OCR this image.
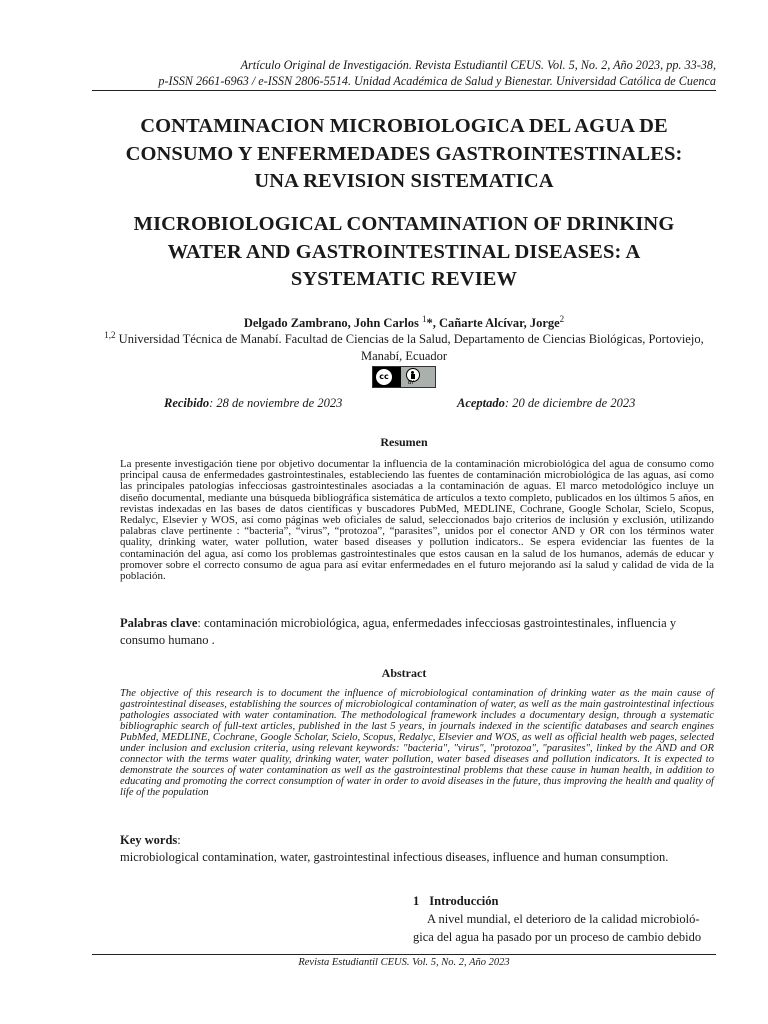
Artículo Original de Investigación. Revista Estudiantil CEUS. Vol. 5, No. 2, Año 2023, pp. 33-38,
p-ISSN 2661-6963 / e-ISSN 2806-5514. Unidad Académica de Salud y Bienestar. Universidad Católica de Cuenca
CONTAMINACION MICROBIOLOGICA DEL AGUA DE
CONSUMO Y ENFERMEDADES GASTROINTESTINALES:
UNA REVISION SISTEMATICA
MICROBIOLOGICAL CONTAMINATION OF DRINKING
WATER AND GASTROINTESTINAL DISEASES: A
SYSTEMATIC REVIEW
Delgado Zambrano, John Carlos $^1$*, Cañarte Alcívar, Jorge$^2$
$^{1,2}$ Universidad Técnica de Manabí. Facultad de Ciencias de la Salud, Departamento de Ciencias Biológicas, Portoviejo,
Manabí, Ecuador
cc
BY
Recibido: 28 de noviembre de 2023	Aceptado: 20 de diciembre de 2023
Resumen
La presente investigación tiene por objetivo documentar la influencia de la contaminación microbiológica del agua de consumo como principal causa de enfermedades gastrointestinales, estableciendo las fuentes de contaminación microbiológica de las aguas, así como las principales patologías infecciosas gastrointestinales asociadas a la contaminación de aguas. El marco metodológico incluye un diseño documental, mediante una búsqueda bibliográfica sistemática de artículos a texto completo, publicados en los últimos 5 años, en revistas indexadas en las bases de datos científicas y buscadores PubMed, MEDLINE, Cochrane, Google Scholar, Scielo, Scopus, Redalyc, Elsevier y WOS, así como páginas web oficiales de salud, seleccionados bajo criterios de inclusión y exclusión, utilizando palabras clave pertinente : “bacteria”, “virus”, “protozoa”, “parasites”, unidos por el conector AND y OR con los términos water quality, drinking water, water pollution, water based diseases y pollution indicators.. Se espera evidenciar las fuentes de la contaminación del agua, así como los problemas gastrointestinales que estos causan en la salud de los humanos, además de educar y promover sobre el correcto consumo de agua para así evitar enfermedades en el futuro mejorando así la salud y calidad de vida de la población.
Palabras clave: contaminación microbiológica, agua, enfermedades infecciosas gastrointestinales, influencia y consumo humano .
Abstract
The objective of this research is to document the influence of microbiological contamination of drinking water as the main cause of gastrointestinal diseases, establishing the sources of microbiological contamination of water, as well as the main gastrointestinal infectious pathologies associated with water contamination. The methodological framework includes a documentary design, through a systematic bibliographic search of full-text articles, published in the last 5 years, in journals indexed in the scientific databases and search engines PubMed, MEDLINE, Cochrane, Google Scholar, Scielo, Scopus, Redalyc, Elsevier and WOS, as well as official health web pages, selected under inclusion and exclusion criteria, using relevant keywords: "bacteria", "virus", "protozoa", "parasites", linked by the AND and OR connector with the terms water quality, drinking water, water pollution, water based diseases and pollution indicators. It is expected to demonstrate the sources of water contamination as well as the gastrointestinal problems that these cause in human health, in addition to educating and promoting the correct consumption of water in order to avoid diseases in the future, thus improving the health and quality of life of the population
Key words:
microbiological contamination, water, gastrointestinal infectious diseases, influence and human consumption.
1 Introducción

A nivel mundial, el deterioro de la calidad microbioló-

gica del agua ha pasado por un proceso de cambio debido
Revista Estudiantil CEUS. Vol. 5, No. 2, Año 2023
